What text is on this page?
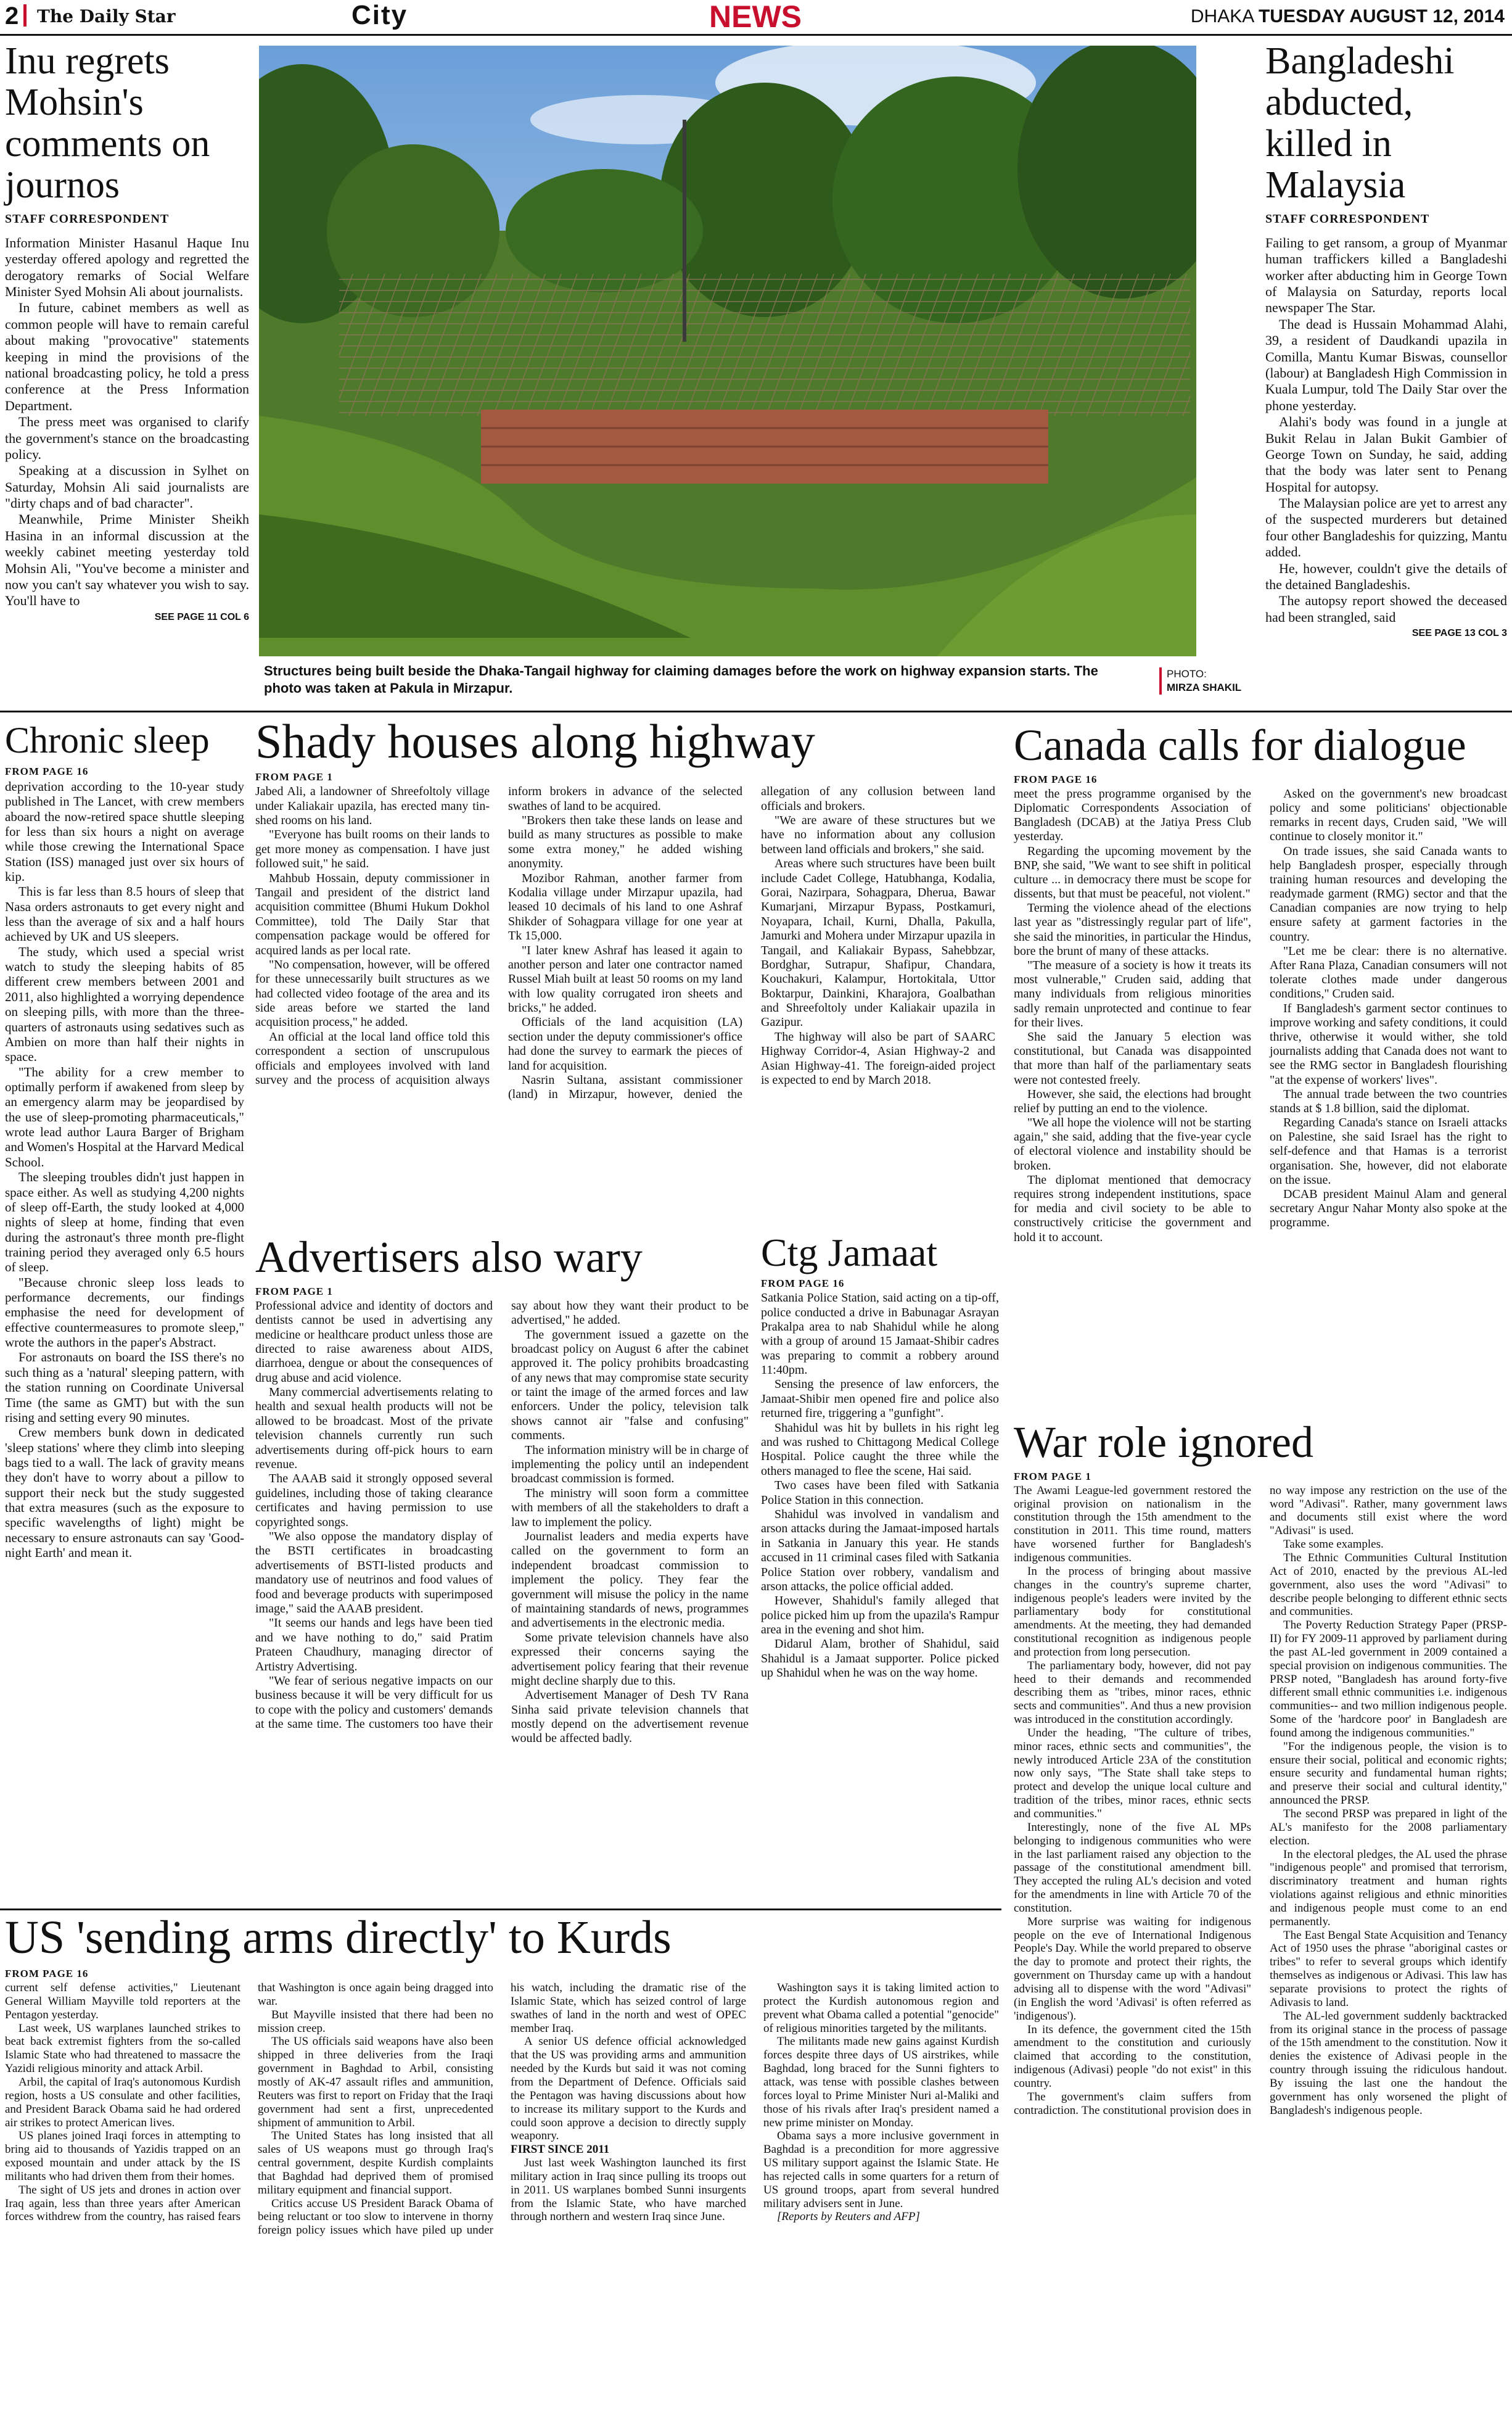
2	The Daily Star	City	NEWS	DHAKA TUESDAY AUGUST 12, 2014
Inu regrets Mohsin's comments on journos
STAFF CORRESPONDENT

Information Minister Hasanul Haque Inu yesterday offered apology and regretted the derogatory remarks of Social Welfare Minister Syed Mohsin Ali about journalists.

In future, cabinet members as well as common people will have to remain careful about making "provocative" statements keeping in mind the provisions of the national broadcasting policy, he told a press conference at the Press Information Department.

The press meet was organised to clarify the government's stance on the broadcasting policy.

Speaking at a discussion in Sylhet on Saturday, Mohsin Ali said journalists are "dirty chaps and of bad character".

Meanwhile, Prime Minister Sheikh Hasina in an informal discussion at the weekly cabinet meeting yesterday told Mohsin Ali, "You've become a minister and now you can't say whatever you wish to say. You'll have to

SEE PAGE 11 COL 6
Structures being built beside the Dhaka-Tangail highway for claiming damages before the work on highway expansion starts. The photo was taken at Pakula in Mirzapur.
PHOTO:
MIRZA SHAKIL
Bangladeshi abducted, killed in Malaysia
STAFF CORRESPONDENT

Failing to get ransom, a group of Myanmar human traffickers killed a Bangladeshi worker after abducting him in George Town of Malaysia on Saturday, reports local newspaper The Star.

The dead is Hussain Mohammad Alahi, 39, a resident of Daudkandi upazila in Comilla, Mantu Kumar Biswas, counsellor (labour) at Bangladesh High Commission in Kuala Lumpur, told The Daily Star over the phone yesterday.

Alahi's body was found in a jungle at Bukit Relau in Jalan Bukit Gambier of George Town on Sunday, he said, adding that the body was later sent to Penang Hospital for autopsy.

The Malaysian police are yet to arrest any of the suspected murderers but detained four other Bangladeshis for quizzing, Mantu added.

He, however, couldn't give the details of the detained Bangladeshis.

The autopsy report showed the deceased had been strangled, said

SEE PAGE 13 COL 3
Chronic sleep
FROM PAGE 16

deprivation according to the 10-year study published in The Lancet, with crew members aboard the now-retired space shuttle sleeping for less than six hours a night on average while those crewing the International Space Station (ISS) managed just over six hours of kip.

This is far less than 8.5 hours of sleep that Nasa orders astronauts to get every night and less than the average of six and a half hours achieved by UK and US sleepers.

The study, which used a special wrist watch to study the sleeping habits of 85 different crew members between 2001 and 2011, also highlighted a worrying dependence on sleeping pills, with more than the three-quarters of astronauts using sedatives such as Ambien on more than half their nights in space.

"The ability for a crew member to optimally perform if awakened from sleep by an emergency alarm may be jeopardised by the use of sleep-promoting pharmaceuticals," wrote lead author Laura Barger of Brigham and Women's Hospital at the Harvard Medical School.

The sleeping troubles didn't just happen in space either. As well as studying 4,200 nights of sleep off-Earth, the study looked at 4,000 nights of sleep at home, finding that even during the astronaut's three month pre-flight training period they averaged only 6.5 hours of sleep.

"Because chronic sleep loss leads to performance decrements, our findings emphasise the need for development of effective countermeasures to promote sleep," wrote the authors in the paper's Abstract.

For astronauts on board the ISS there's no such thing as a 'natural' sleeping pattern, with the station running on Coordinate Universal Time (the same as GMT) but with the sun rising and setting every 90 minutes.

Crew members bunk down in dedicated 'sleep stations' where they climb into sleeping bags tied to a wall. The lack of gravity means they don't have to worry about a pillow to support their neck but the study suggested that extra measures (such as the exposure to specific wavelengths of light) might be necessary to ensure astronauts can say 'Good-night Earth' and mean it.

Shady houses along highway
FROM PAGE 1

Jabed Ali, a landowner of Shreefoltoly village under Kaliakair upazila, has erected many tin-shed rooms on his land.

"Everyone has built rooms on their lands to get more money as compensation. I have just followed suit," he said.

Mahbub Hossain, deputy commissioner in Tangail and president of the district land acquisition committee (Bhumi Hukum Dokhol Committee), told The Daily Star that compensation package would be offered for acquired lands as per local rate.

"No compensation, however, will be offered for these unnecessarily built structures as we had collected video footage of the area and its side areas before we started the land acquisition process," he added.

An official at the local land office told this correspondent a section of unscrupulous officials and employees involved with land survey and the process of acquisition always inform brokers in advance of the selected swathes of land to be acquired.

"Brokers then take these lands on lease and build as many structures as possible to make some extra money," he added wishing anonymity.

Mozibor Rahman, another farmer from Kodalia village under Mirzapur upazila, had leased 10 decimals of his land to one Ashraf Shikder of Sohagpara village for one year at Tk 15,000.

"I later knew Ashraf has leased it again to another person and later one contractor named Russel Miah built at least 50 rooms on my land with low quality corrugated iron sheets and bricks," he added.

Officials of the land acquisition (LA) section under the deputy commissioner's office had done the survey to earmark the pieces of land for acquisition.

Nasrin Sultana, assistant commissioner (land) in Mirzapur, however, denied the allegation of any collusion between land officials and brokers.

"We are aware of these structures but we have no information about any collusion between land officials and brokers," she said.

Areas where such structures have been built include Cadet College, Hatubhanga, Kodalia, Gorai, Nazirpara, Sohagpara, Dheruа, Bawar Kumarjani, Mirzapur Bypass, Postkamuri, Noyapara, Ichail, Kurni, Dhalla, Pakulla, Jamurki and Mohera under Mirzapur upazila in Tangail, and Kaliakair Bypass, Sahebbzar, Bordghar, Sutrapur, Shafipur, Chandara, Kouchakuri, Kalampur, Hortokitala, Uttor Boktarpur, Dainkini, Kharajora, Goalbathan and Shreefoltoly under Kaliakair upazila in Gazipur.

The highway will also be part of SAARC Highway Corridor-4, Asian Highway-2 and Asian Highway-41. The foreign-aided project is expected to end by March 2018.

Canada calls for dialogue
FROM PAGE 16

meet the press programme organised by the Diplomatic Correspondents Association of Bangladesh (DCAB) at the Jatiya Press Club yesterday.

Regarding the upcoming movement by the BNP, she said, "We want to see shift in political culture ... in democracy there must be scope for dissents, but that must be peaceful, not violent."

Terming the violence ahead of the elections last year as "distressingly regular part of life", she said the minorities, in particular the Hindus, bore the brunt of many of these attacks.

"The measure of a society is how it treats its most vulnerable," Cruden said, adding that many individuals from religious minorities sadly remain unprotected and continue to fear for their lives.

She said the January 5 election was constitutional, but Canada was disappointed that more than half of the parliamentary seats were not contested freely.

However, she said, the elections had brought relief by putting an end to the violence.

"We all hope the violence will not be starting again," she said, adding that the five-year cycle of electoral violence and instability should be broken.

The diplomat mentioned that democracy requires strong independent institutions, space for media and civil society to be able to constructively criticise the government and hold it to account.

Asked on the government's new broadcast policy and some politicians' objectionable remarks in recent days, Cruden said, "We will continue to closely monitor it."

On trade issues, she said Canada wants to help Bangladesh prosper, especially through training human resources and developing the readymade garment (RMG) sector and that the Canadian companies are now trying to help ensure safety at garment factories in the country.

"Let me be clear: there is no alternative. After Rana Plaza, Canadian consumers will not tolerate clothes made under dangerous conditions," Cruden said.

If Bangladesh's garment sector continues to improve working and safety conditions, it could thrive, otherwise it would wither, she told journalists adding that Canada does not want to see the RMG sector in Bangladesh flourishing "at the expense of workers' lives".

The annual trade between the two countries stands at $ 1.8 billion, said the diplomat.

Regarding Canada's stance on Israeli attacks on Palestine, she said Israel has the right to self-defence and that Hamas is a terrorist organisation. She, however, did not elaborate on the issue.

DCAB president Mainul Alam and general secretary Angur Nahar Monty also spoke at the programme.

Advertisers also wary
FROM PAGE 1

Professional advice and identity of doctors and dentists cannot be used in advertising any medicine or healthcare product unless those are directed to raise awareness about AIDS, diarrhoea, dengue or about the consequences of drug abuse and acid violence.

Many commercial advertisements relating to health and sexual health products will not be allowed to be broadcast. Most of the private television channels currently run such advertisements during off-pick hours to earn revenue.

The AAAB said it strongly opposed several guidelines, including those of taking clearance certificates and having permission to use copyrighted songs.

"We also oppose the mandatory display of the BSTI certificates in broadcasting advertisements of BSTI-listed products and mandatory use of neutrinos and food values of food and beverage products with superimposed image," said the AAAB president.

"It seems our hands and legs have been tied and we have nothing to do," said Pratim Prateen Chaudhury, managing director of Artistry Advertising.

"We fear of serious negative impacts on our business because it will be very difficult for us to cope with the policy and customers' demands at the same time. The customers too have their say about how they want their product to be advertised," he added.

The government issued a gazette on the broadcast policy on August 6 after the cabinet approved it. The policy prohibits broadcasting of any news that may compromise state security or taint the image of the armed forces and law enforcers. Under the policy, television talk shows cannot air "false and confusing" comments.

The information ministry will be in charge of implementing the policy until an independent broadcast commission is formed.

The ministry will soon form a committee with members of all the stakeholders to draft a law to implement the policy.

Journalist leaders and media experts have called on the government to form an independent broadcast commission to implement the policy. They fear the government will misuse the policy in the name of maintaining standards of news, programmes and advertisements in the electronic media.

Some private television channels have also expressed their concerns saying the advertisement policy fearing that their revenue might decline sharply due to this.

Advertisement Manager of Desh TV Rana Sinha said private television channels that mostly depend on the advertisement revenue would be affected badly.

Ctg Jamaat
FROM PAGE 16

Satkania Police Station, said acting on a tip-off, police conducted a drive in Babunagar Asrayan Prakalpa area to nab Shahidul while he along with a group of around 15 Jamaat-Shibir cadres was preparing to commit a robbery around 11:40pm.

Sensing the presence of law enforcers, the Jamaat-Shibir men opened fire and police also returned fire, triggering a "gunfight".

Shahidul was hit by bullets in his right leg and was rushed to Chittagong Medical College Hospital. Police caught the three while the others managed to flee the scene, Hai said.

Two cases have been filed with Satkania Police Station in this connection.

Shahidul was involved in vandalism and arson attacks during the Jamaat-imposed hartals in Satkania in January this year. He stands accused in 11 criminal cases filed with Satkania Police Station over robbery, vandalism and arson attacks, the police official added.

However, Shahidul's family alleged that police picked him up from the upazila's Rampur area in the evening and shot him.

Didarul Alam, brother of Shahidul, said Shahidul is a Jamaat supporter. Police picked up Shahidul when he was on the way home.

War role ignored
FROM PAGE 1

The Awami League-led government restored the original provision on nationalism in the constitution through the 15th amendment to the constitution in 2011. This time round, matters have worsened further for Bangladesh's indigenous communities.

In the process of bringing about massive changes in the country's supreme charter, indigenous people's leaders were invited by the parliamentary body for constitutional amendments. At the meeting, they had demanded constitutional recognition as indigenous people and protection from long persecution.

The parliamentary body, however, did not pay heed to their demands and recommended describing them as "tribes, minor races, ethnic sects and communities". And thus a new provision was introduced in the constitution accordingly.

Under the heading, "The culture of tribes, minor races, ethnic sects and communities", the newly introduced Article 23A of the constitution now only says, "The State shall take steps to protect and develop the unique local culture and tradition of the tribes, minor races, ethnic sects and communities."

Interestingly, none of the five AL MPs belonging to indigenous communities who were in the last parliament raised any objection to the passage of the constitutional amendment bill. They accepted the ruling AL's decision and voted for the amendments in line with Article 70 of the constitution.

More surprise was waiting for indigenous people on the eve of International Indigenous People's Day. While the world prepared to observe the day to promote and protect their rights, the government on Thursday came up with a handout advising all to dispense with the word "Adivasi" (in English the word 'Adivasi' is often referred as 'indigenous').

In its defence, the government cited the 15th amendment to the constitution and curiously claimed that according to the constitution, indigenous (Adivasi) people "do not exist" in this country.

The government's claim suffers from contradiction. The constitutional provision does in no way impose any restriction on the use of the word "Adivasi". Rather, many government laws and documents still exist where the word "Adivasi" is used.

Take some examples.

The Ethnic Communities Cultural Institution Act of 2010, enacted by the previous AL-led government, also uses the word "Adivasi" to describe people belonging to different ethnic sects and communities.

The Poverty Reduction Strategy Paper (PRSP-II) for FY 2009-11 approved by parliament during the past AL-led government in 2009 contained a special provision on indigenous communities. The PRSP noted, "Bangladesh has around forty-five different small ethnic communities i.e. indigenous communities-- and two million indigenous people. Some of the 'hardcore poor' in Bangladesh are found among the indigenous communities."

"For the indigenous people, the vision is to ensure their social, political and economic rights; ensure security and fundamental human rights; and preserve their social and cultural identity," announced the PRSP.

The second PRSP was prepared in light of the AL's manifesto for the 2008 parliamentary election.

In the electoral pledges, the AL used the phrase "indigenous people" and promised that terrorism, discriminatory treatment and human rights violations against religious and ethnic minorities and indigenous people must come to an end permanently.

The East Bengal State Acquisition and Tenancy Act of 1950 uses the phrase "aboriginal castes or tribes" to refer to several groups which identify themselves as indigenous or Adivasi. This law has separate provisions to protect the rights of Adivasis to land.

The AL-led government suddenly backtracked from its original stance in the process of passage of the 15th amendment to the constitution. Now it denies the existence of Adivasi people in the country through issuing the ridiculous handout. By issuing the last one the handout the government has only worsened the plight of Bangladesh's indigenous people.

US 'sending arms directly' to Kurds
FROM PAGE 16

current self defense activities," Lieutenant General William Mayville told reporters at the Pentagon yesterday.

Last week, US warplanes launched strikes to beat back extremist fighters from the so-called Islamic State who had threatened to massacre the Yazidi religious minority and attack Arbil.

Arbil, the capital of Iraq's autonomous Kurdish region, hosts a US consulate and other facilities, and President Barack Obama said he had ordered air strikes to protect American lives.

US planes joined Iraqi forces in attempting to bring aid to thousands of Yazidis trapped on an exposed mountain and under attack by the IS militants who had driven them from their homes.

The sight of US jets and drones in action over Iraq again, less than three years after American forces withdrew from the country, has raised fears that Washington is once again being dragged into war.

But Mayville insisted that there had been no mission creep.

The US officials said weapons have also been shipped in three deliveries from the Iraqi government in Baghdad to Arbil, consisting mostly of AK-47 assault rifles and ammunition, Reuters was first to report on Friday that the Iraqi government had sent a first, unprecedented shipment of ammunition to Arbil.

The United States has long insisted that all sales of US weapons must go through Iraq's central government, despite Kurdish complaints that Baghdad had deprived them of promised military equipment and financial support.

Critics accuse US President Barack Obama of being reluctant or too slow to intervene in thorny foreign policy issues which have piled up under his watch, including the dramatic rise of the Islamic State, which has seized control of large swathes of land in the north and west of OPEC member Iraq.

A senior US defence official acknowledged that the US was providing arms and ammunition needed by the Kurds but said it was not coming from the Department of Defence. Officials said the Pentagon was having discussions about how to increase its military support to the Kurds and could soon approve a decision to directly supply weaponry.

FIRST SINCE 2011

Just last week Washington launched its first military action in Iraq since pulling its troops out in 2011. US warplanes bombed Sunni insurgents from the Islamic State, who have marched through northern and western Iraq since June.

Washington says it is taking limited action to protect the Kurdish autonomous region and prevent what Obama called a potential "genocide" of religious minorities targeted by the militants.

The militants made new gains against Kurdish forces despite three days of US airstrikes, while Baghdad, long braced for the Sunni fighters to attack, was tense with possible clashes between forces loyal to Prime Minister Nuri al-Maliki and those of his rivals after Iraq's president named a new prime minister on Monday.

Obama says a more inclusive government in Baghdad is a precondition for more aggressive US military support against the Islamic State. He has rejected calls in some quarters for a return of US ground troops, apart from several hundred military advisers sent in June.

[Reports by Reuters and AFP]
